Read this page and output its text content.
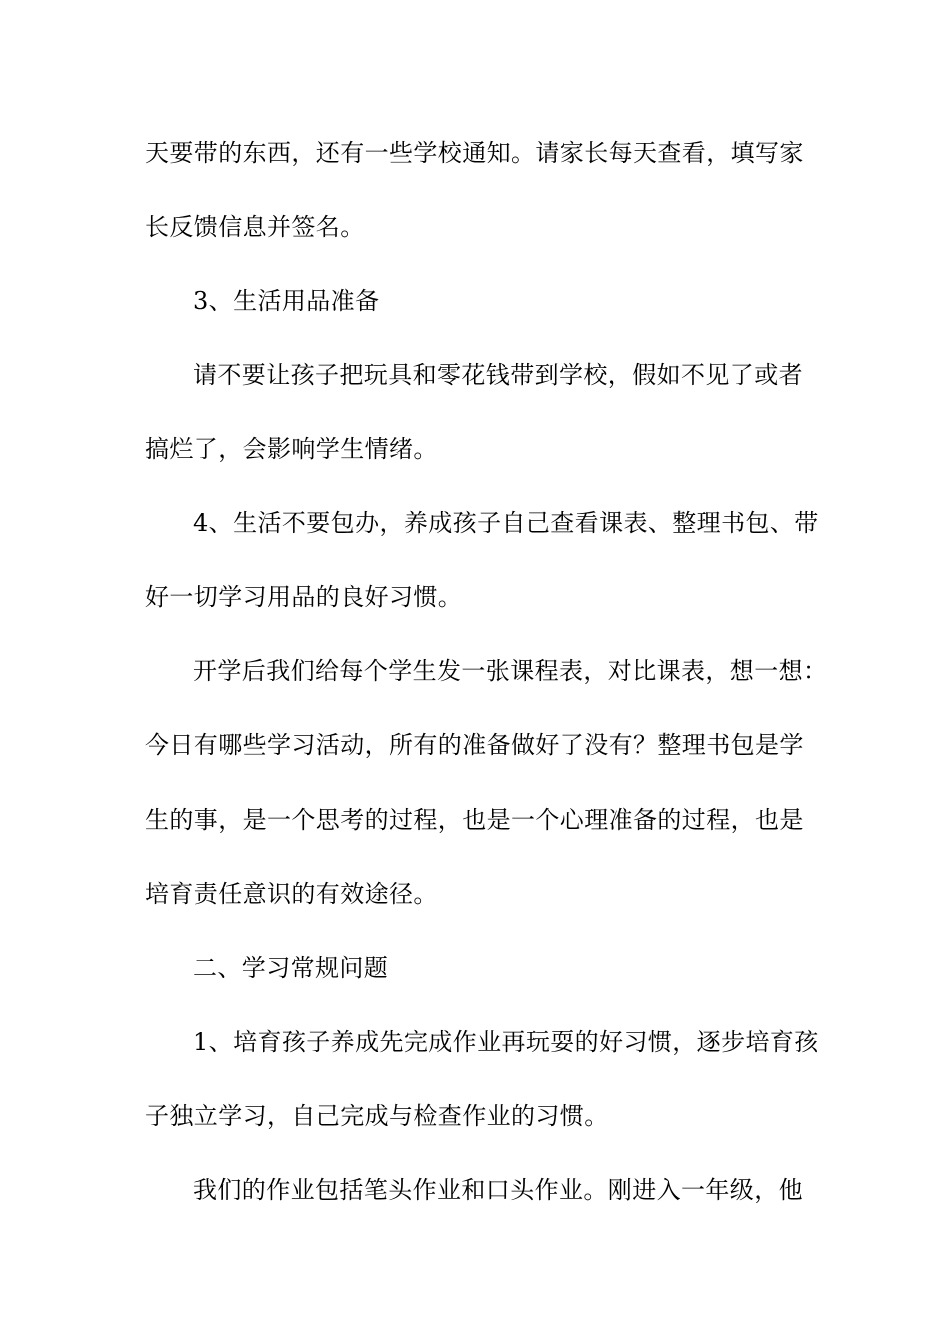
天要带的东西，还有一些学校通知。请家长每天查看，填写家
长反馈信息并签名。
3、生活用品准备
请不要让孩子把玩具和零花钱带到学校，假如不见了或者
搞烂了，会影响学生情绪。
4、生活不要包办，养成孩子自己查看课表、整理书包、带
好一切学习用品的良好习惯。
开学后我们给每个学生发一张课程表，对比课表，想一想：
今日有哪些学习活动，所有的准备做好了没有？整理书包是学
生的事，是一个思考的过程，也是一个心理准备的过程，也是
培育责任意识的有效途径。
二、学习常规问题
1、培育孩子养成先完成作业再玩耍的好习惯，逐步培育孩
子独立学习，自己完成与检查作业的习惯。
我们的作业包括笔头作业和口头作业。刚进入一年级，他
